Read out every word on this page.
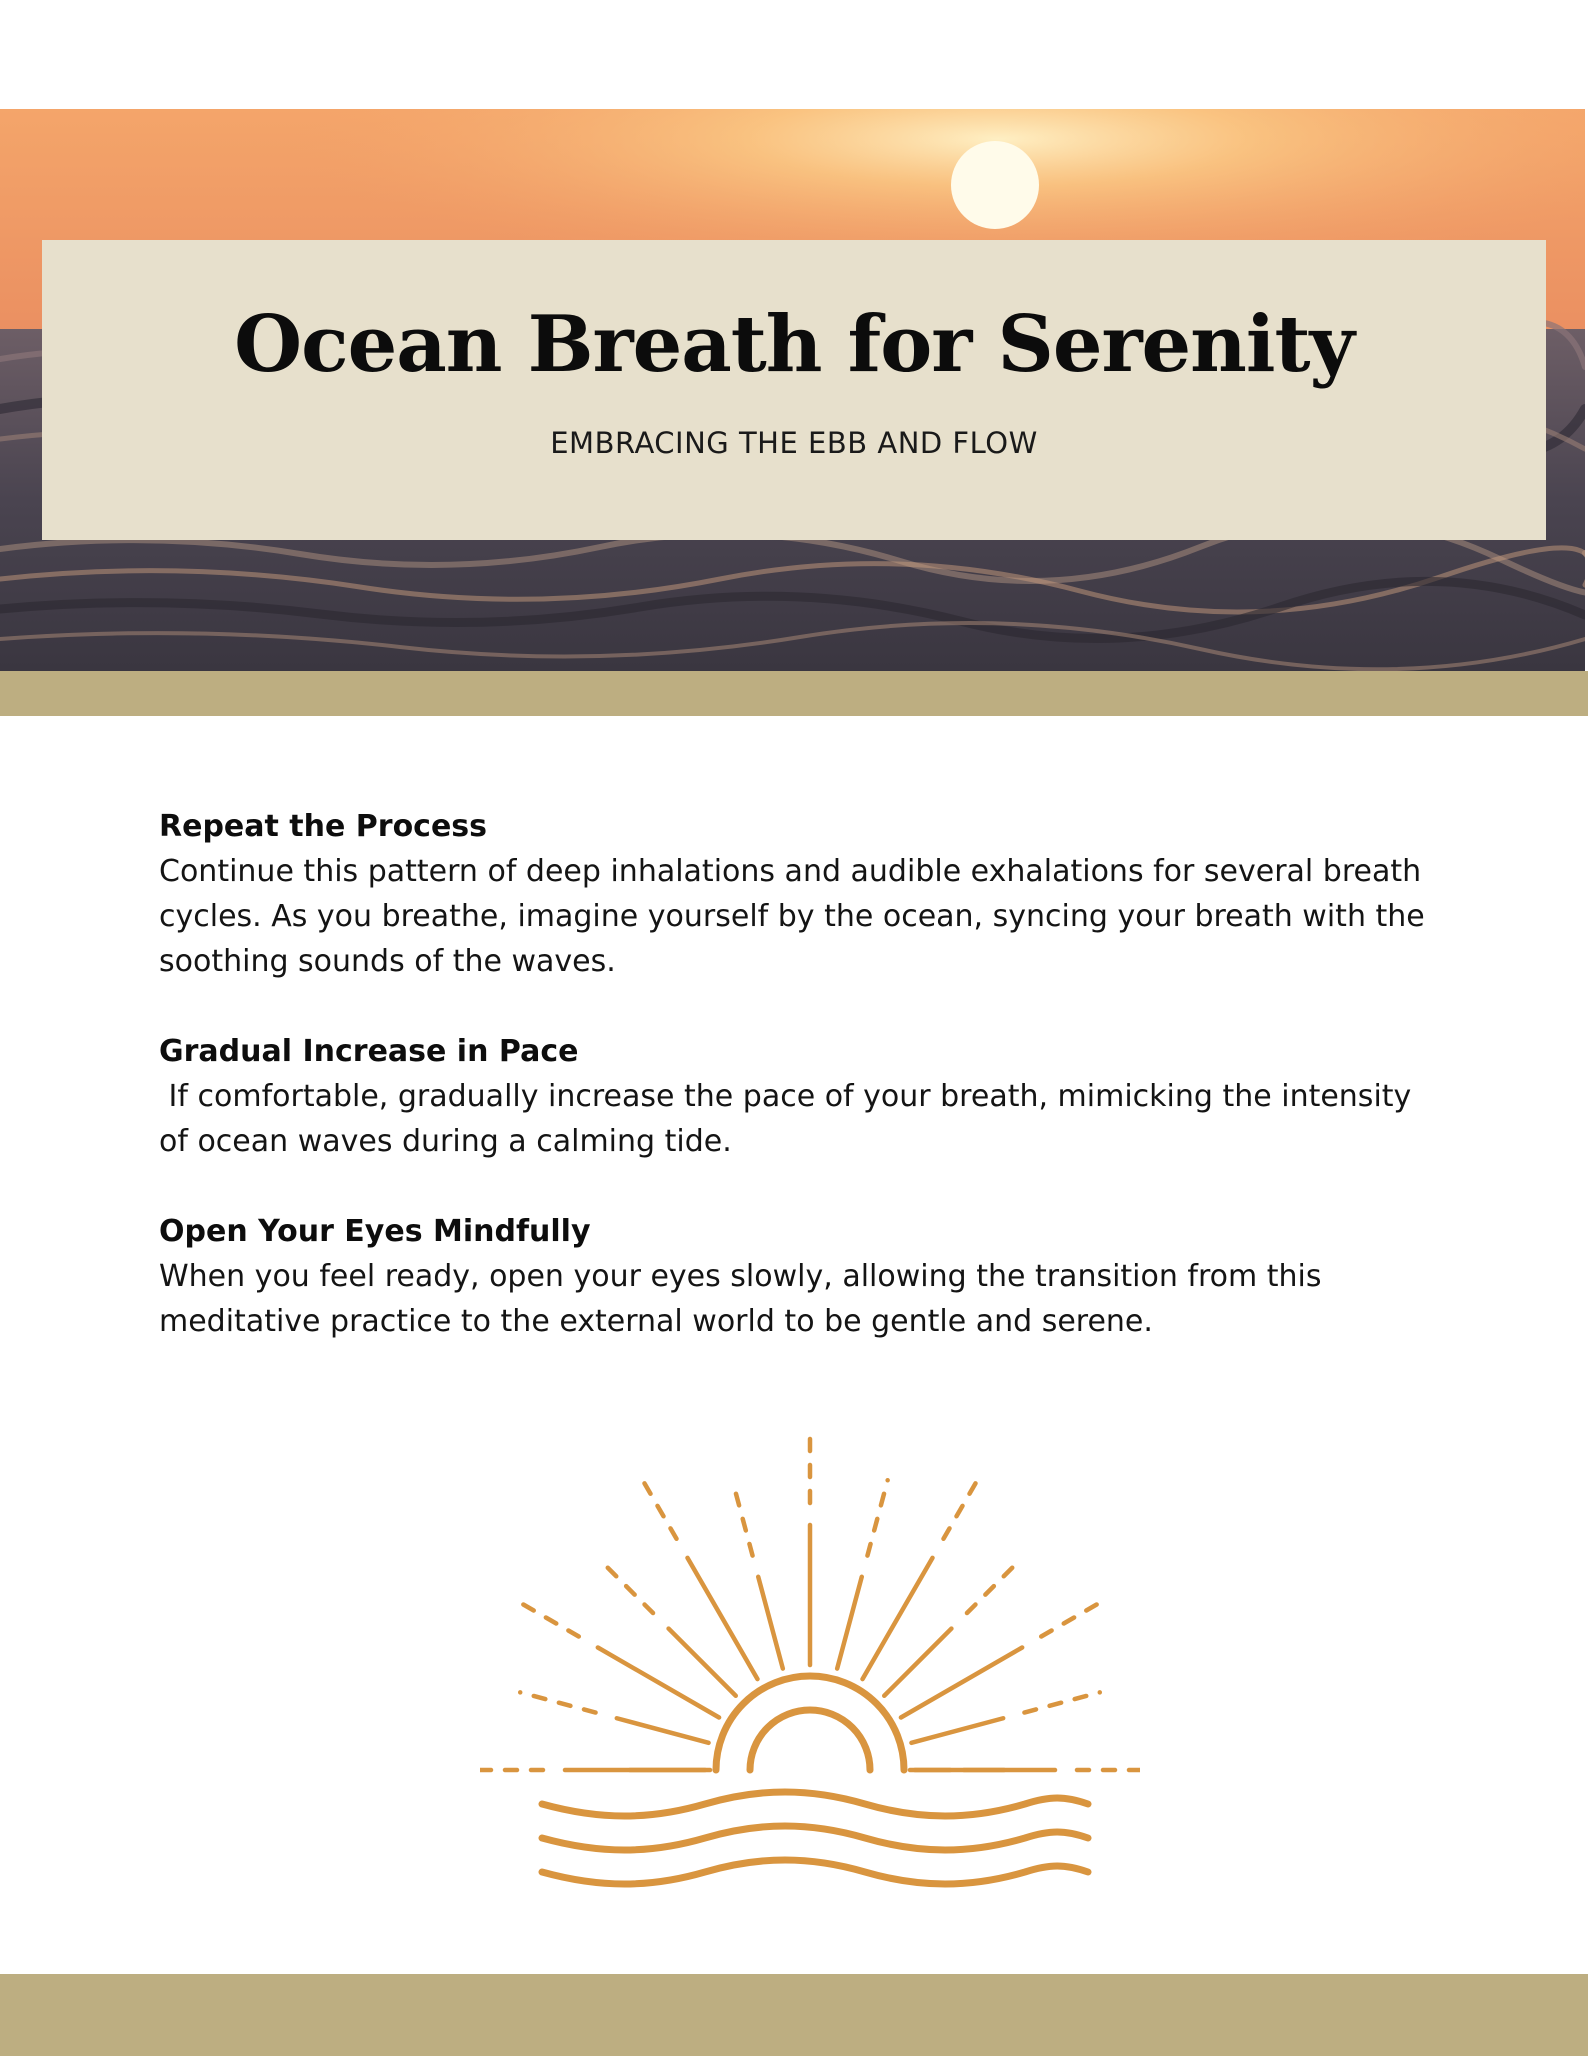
Ocean Breath for Serenity

EMBRACING THE EBB AND FLOW

Repeat the Process

Continue this pattern of deep inhalations and audible exhalations for several breath cycles. As you breathe, imagine yourself by the ocean, syncing your breath with the soothing sounds of the waves.

Gradual Increase in Pace

If comfortable, gradually increase the pace of your breath, mimicking the intensity of ocean waves during a calming tide.

Open Your Eyes Mindfully

When you feel ready, open your eyes slowly, allowing the transition from this meditative practice to the external world to be gentle and serene.
